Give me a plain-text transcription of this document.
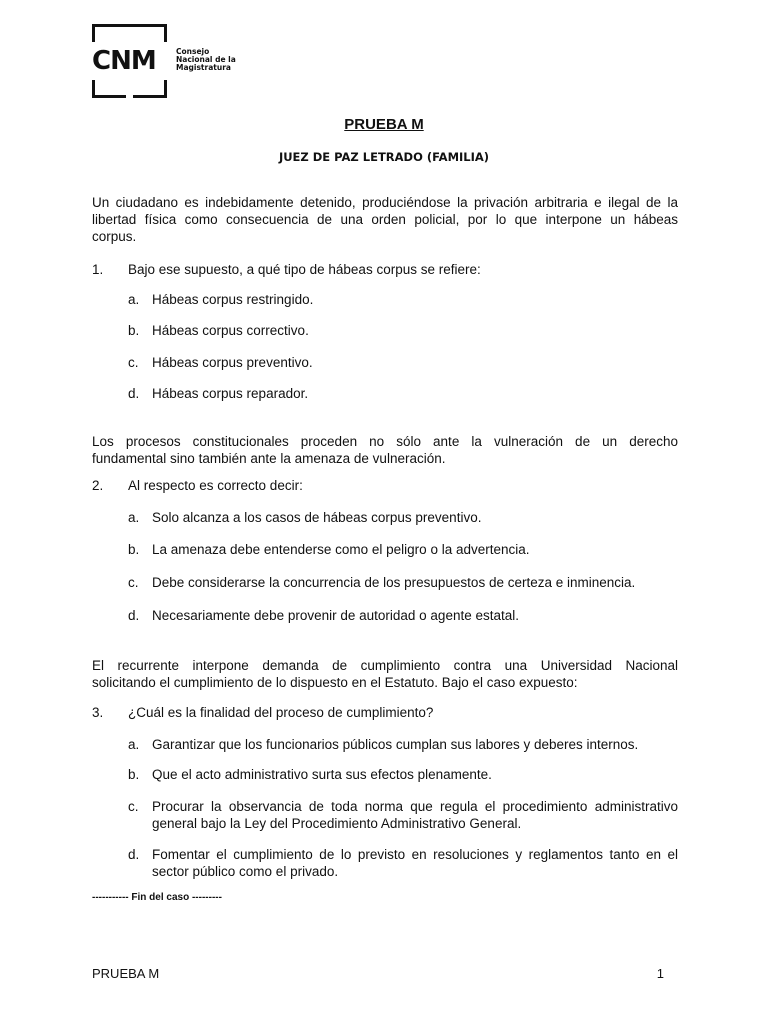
CNM	Consejo
Nacional de la
Magistratura
PRUEBA M
JUEZ DE PAZ LETRADO (FAMILIA)
Un ciudadano es indebidamente detenido, produciéndose la privación arbitraria e ilegal de la
libertad física como consecuencia de una orden policial, por lo que interpone un hábeas
corpus.
1. Bajo ese supuesto, a qué tipo de hábeas corpus se refiere:
a. Hábeas corpus restringido.
b. Hábeas corpus correctivo.
c. Hábeas corpus preventivo.
d. Hábeas corpus reparador.
Los procesos constitucionales proceden no sólo ante la vulneración de un derecho
fundamental sino también ante la amenaza de vulneración.
2. Al respecto es correcto decir:
a. Solo alcanza a los casos de hábeas corpus preventivo.
b. La amenaza debe entenderse como el peligro o la advertencia.
c. Debe considerarse la concurrencia de los presupuestos de certeza e inminencia.
d. Necesariamente debe provenir de autoridad o agente estatal.
El recurrente interpone demanda de cumplimiento contra una Universidad Nacional
solicitando el cumplimiento de lo dispuesto en el Estatuto. Bajo el caso expuesto:
3. ¿Cuál es la finalidad del proceso de cumplimiento?
a. Garantizar que los funcionarios públicos cumplan sus labores y deberes internos.
b. Que el acto administrativo surta sus efectos plenamente.
c. Procurar la observancia de toda norma que regula el procedimiento administrativo general bajo la Ley del Procedimiento Administrativo General.
d. Fomentar el cumplimiento de lo previsto en resoluciones y reglamentos tanto en el sector público como el privado.
----------- Fin del caso ---------
PRUEBA M	1
